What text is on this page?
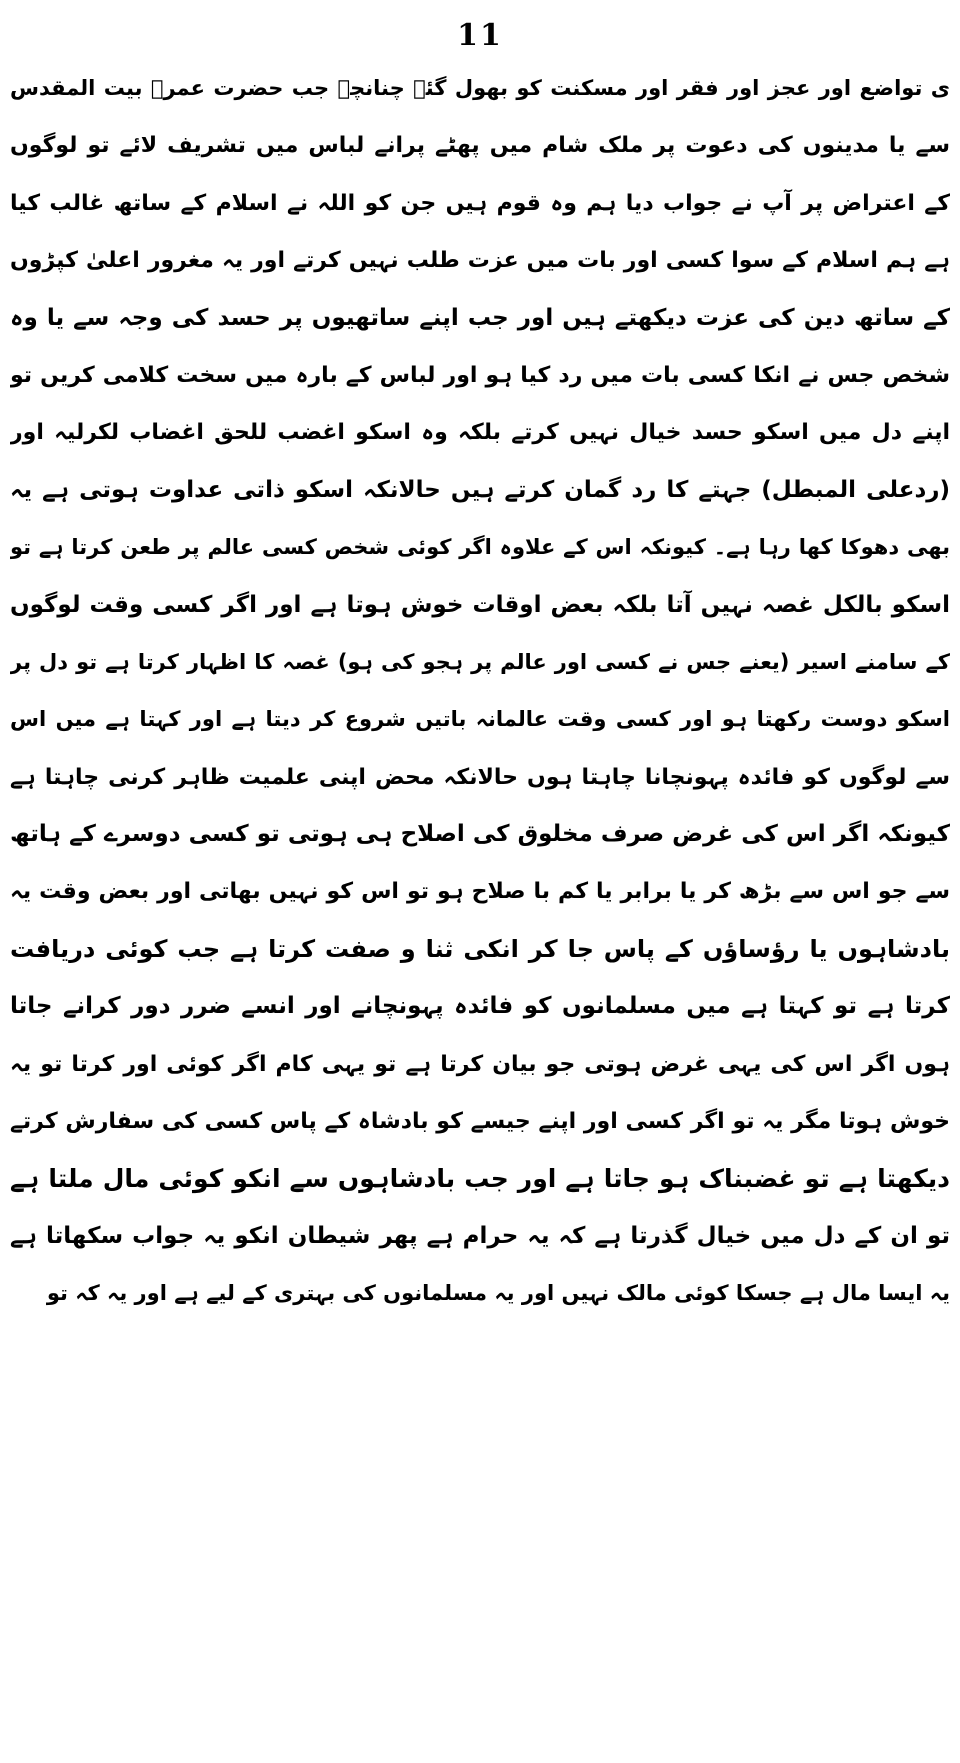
11
ی تواضع اور عجز اور فقر اور مسکنت کو بھول گئے چنانچہ جب حضرت عمرؓ بیت المقدس
سے یا مدینوں کی دعوت پر ملک شام میں پھٹے پرانے لباس میں تشریف لائے تو لوگوں
کے اعتراض پر آپ نے جواب دیا ہم وہ قوم ہیں جن کو اللہ نے اسلام کے ساتھ غالب کیا
ہے ہم اسلام کے سوا کسی اور بات میں عزت طلب نہیں کرتے اور یہ مغرور اعلیٰ کپڑوں
کے ساتھ دین کی عزت دیکھتے ہیں اور جب اپنے ساتھیوں پر حسد کی وجہ سے یا وہ
شخص جس نے انکا کسی بات میں رد کیا ہو اور لباس کے بارہ میں سخت کلامی کریں تو
اپنے دل میں اسکو حسد خیال نہیں کرتے بلکہ وہ اسکو اغضب للحق اغضاب لکرلیہ اور
(ردعلی المبطل) جہتے کا رد گمان کرتے ہیں حالانکہ اسکو ذاتی عداوت ہوتی ہے یہ
بھی دھوکا کھا رہا ہے۔ کیونکہ اس کے علاوہ اگر کوئی شخص کسی عالم پر طعن کرتا ہے تو
اسکو بالکل غصہ نہیں آتا بلکہ بعض اوقات خوش ہوتا ہے اور اگر کسی وقت لوگوں
کے سامنے اسیر (یعنے جس نے کسی اور عالم پر ہجو کی ہو) غصہ کا اظہار کرتا ہے تو دل پر
اسکو دوست رکھتا ہو اور کسی وقت عالمانہ باتیں شروع کر دیتا ہے اور کہتا ہے میں اس
سے لوگوں کو فائدہ پہونچانا چاہتا ہوں حالانکہ محض اپنی علمیت ظاہر کرنی چاہتا ہے
کیونکہ اگر اس کی غرض صرف مخلوق کی اصلاح ہی ہوتی تو کسی دوسرے کے ہاتھ
سے جو اس سے بڑھ کر یا برابر یا کم با صلاح ہو تو اس کو نہیں بھاتی اور بعض وقت یہ
بادشاہوں یا رؤساؤں کے پاس جا کر انکی ثنا و صفت کرتا ہے جب کوئی دریافت
کرتا ہے تو کہتا ہے میں مسلمانوں کو فائدہ پہونچانے اور انسے ضرر دور کرانے جاتا
ہوں اگر اس کی یہی غرض ہوتی جو بیان کرتا ہے تو یہی کام اگر کوئی اور کرتا تو یہ
خوش ہوتا مگر یہ تو اگر کسی اور اپنے جیسے کو بادشاہ کے پاس کسی کی سفارش کرتے
دیکھتا ہے تو غضبناک ہو جاتا ہے اور جب بادشاہوں سے انکو کوئی مال ملتا ہے
تو ان کے دل میں خیال گذرتا ہے کہ یہ حرام ہے پھر شیطان انکو یہ جواب سکھاتا ہے
یہ ایسا مال ہے جسکا کوئی مالک نہیں اور یہ مسلمانوں کی بہتری کے لیے ہے اور یہ کہ تو
